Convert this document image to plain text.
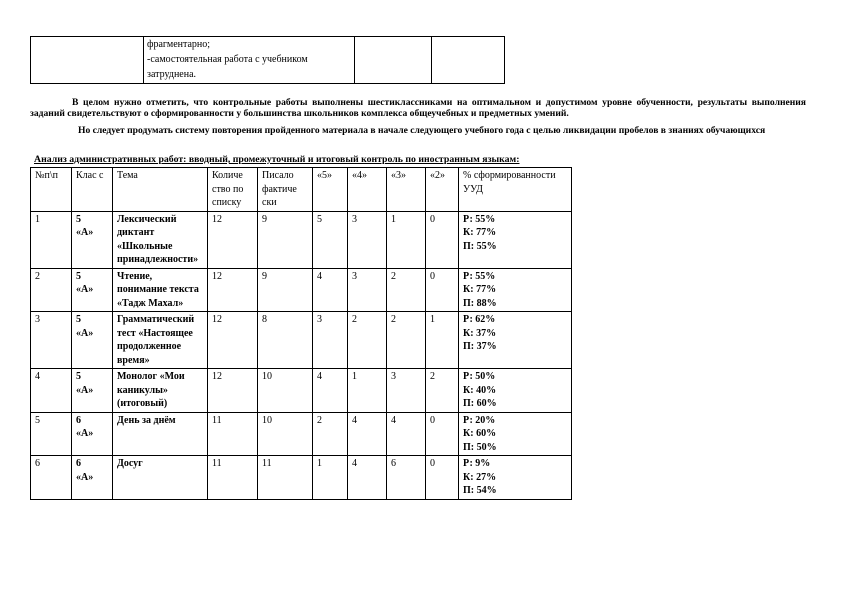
фрагментарно;
-самостоятельная работа с учебником
затруднена.

В целом нужно отметить, что контрольные работы выполнены шестиклассниками на оптимальном и допустимом уровне обученности, результаты выполнения заданий свидетельствуют о сформированности у большинства школьников комплекса общеучебных и предметных умений.
Но следует продумать систему повторения пройденного материала в начале следующего учебного года с целью ликвидации пробелов в знаниях обучающихся
Анализ административных работ: вводный, промежуточный и итоговый контроль по иностранным языкам:
№п\п	Клас с	Тема	Количе ство по списку	Писало фактиче ски	«5»	«4»	«3»	«2»	% сформированности УУД
1	5
«А»	Лексический диктант «Школьные принадлежности»	12	9	5	3	1	0	Р: 55%
К: 77%
П: 55%

2	5
«А»	Чтение, понимание текста «Тадж Махал»	12	9	4	3	2	0	Р: 55%
К: 77%
П: 88%

3	5
«А»	Грамматический тест «Настоящее продолженное время»	12	8	3	2	2	1	Р: 62%
К: 37%
П: 37%

4	5
«А»	Монолог «Мои каникулы» (итоговый)	12	10	4	1	3	2	Р: 50%
К: 40%
П: 60%

5	6
«А»	День за днём	11	10	2	4	4	0	Р: 20%
К: 60%
П: 50%

6	6
«А»	Досуг	11	11	1	4	6	0	Р: 9%
К: 27%
П: 54%
